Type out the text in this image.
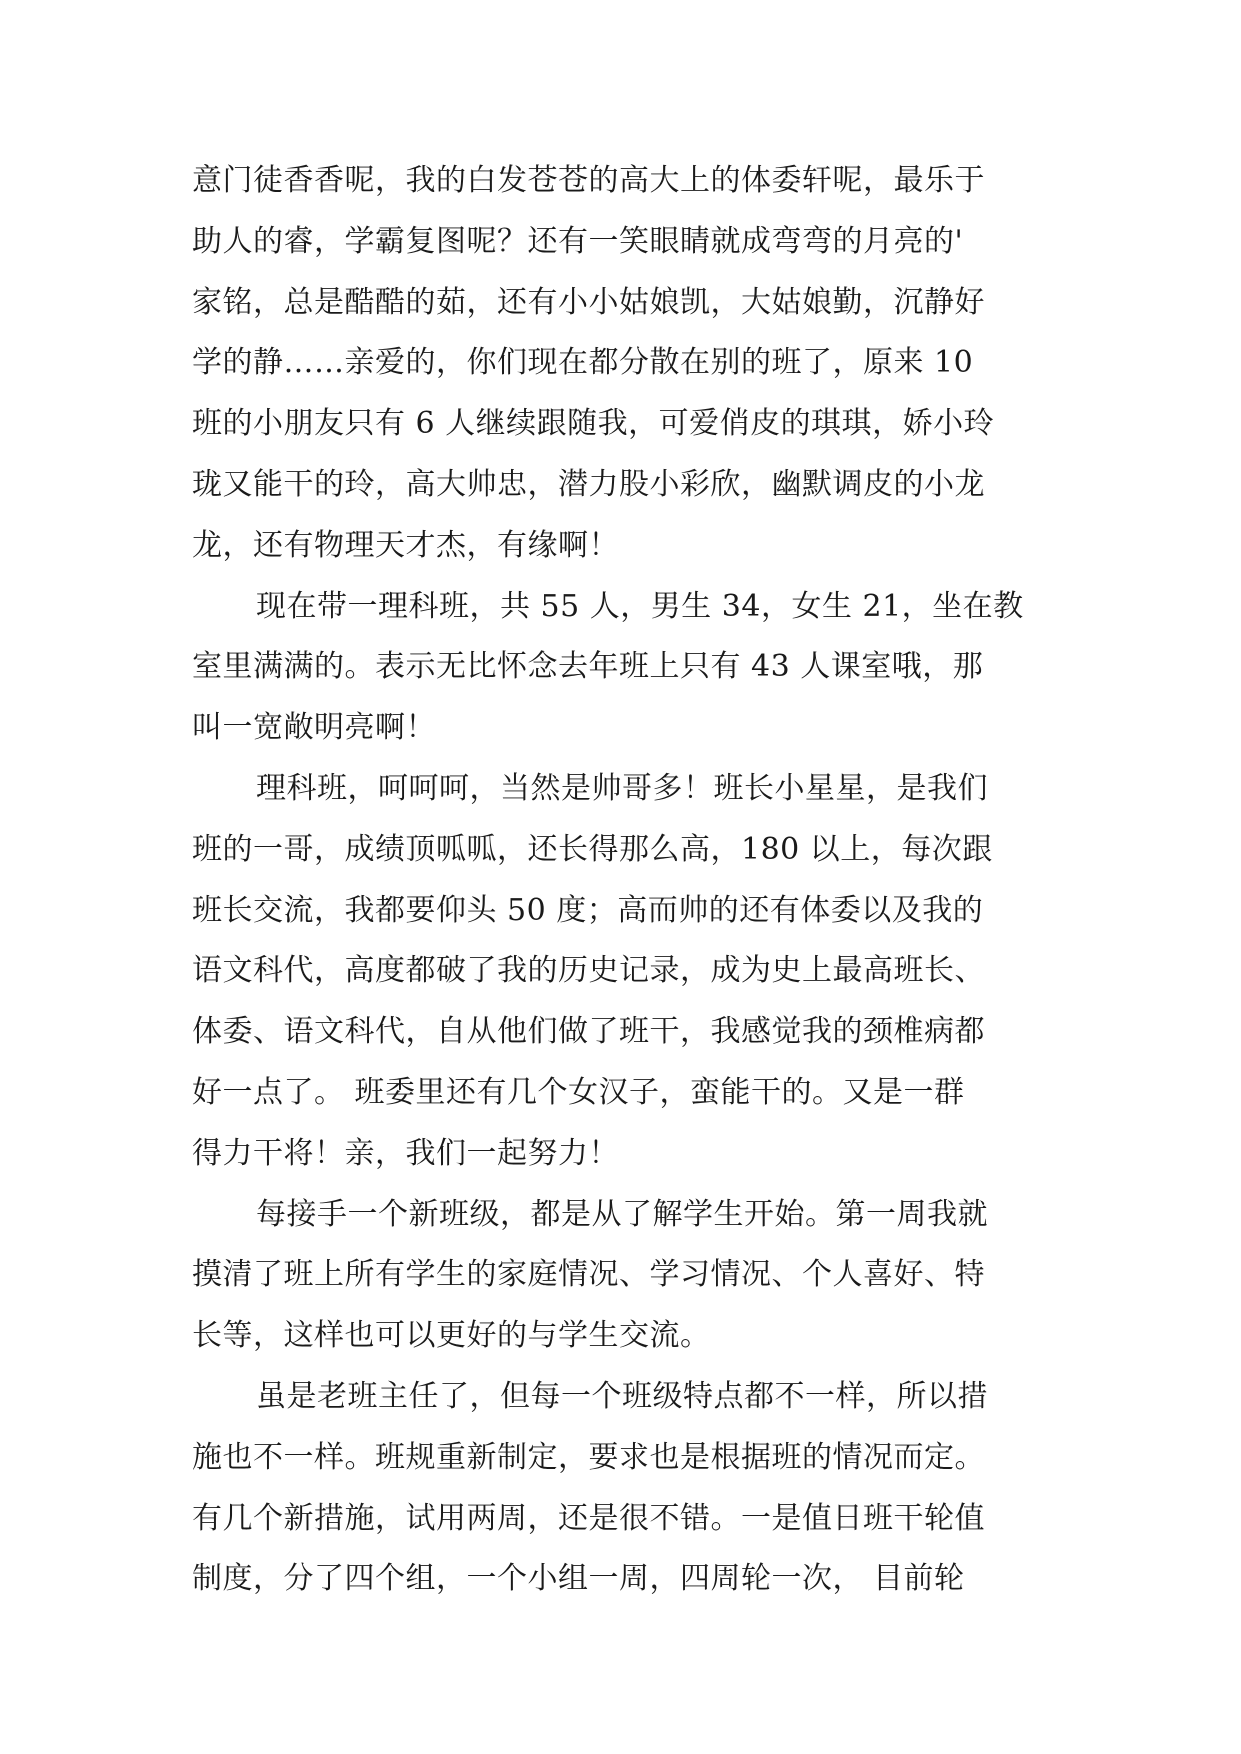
意门徒香香呢，我的白发苍苍的高大上的体委轩呢，最乐于
助人的睿，学霸复图呢？还有一笑眼睛就成弯弯的月亮的'
家铭，总是酷酷的茹，还有小小姑娘凯，大姑娘勤，沉静好
学的静……亲爱的，你们现在都分散在别的班了，原来 10
班的小朋友只有 6 人继续跟随我，可爱俏皮的琪琪，娇小玲
珑又能干的玲，高大帅忠，潜力股小彩欣，幽默调皮的小龙
龙，还有物理天才杰，有缘啊！
现在带一理科班，共 55 人，男生 34，女生 21，坐在教
室里满满的。表示无比怀念去年班上只有 43 人课室哦，那
叫一宽敞明亮啊！
理科班，呵呵呵，当然是帅哥多！班长小星星，是我们
班的一哥，成绩顶呱呱，还长得那么高，180 以上，每次跟
班长交流，我都要仰头 50 度；高而帅的还有体委以及我的
语文科代，高度都破了我的历史记录，成为史上最高班长、
体委、语文科代，自从他们做了班干，我感觉我的颈椎病都
好一点了。 班委里还有几个女汉子，蛮能干的。又是一群
得力干将！亲，我们一起努力！
每接手一个新班级，都是从了解学生开始。第一周我就
摸清了班上所有学生的家庭情况、学习情况、个人喜好、特
长等，这样也可以更好的与学生交流。
虽是老班主任了，但每一个班级特点都不一样，所以措
施也不一样。班规重新制定，要求也是根据班的情况而定。
有几个新措施，试用两周，还是很不错。一是值日班干轮值
制度，分了四个组，一个小组一周，四周轮一次， 目前轮
